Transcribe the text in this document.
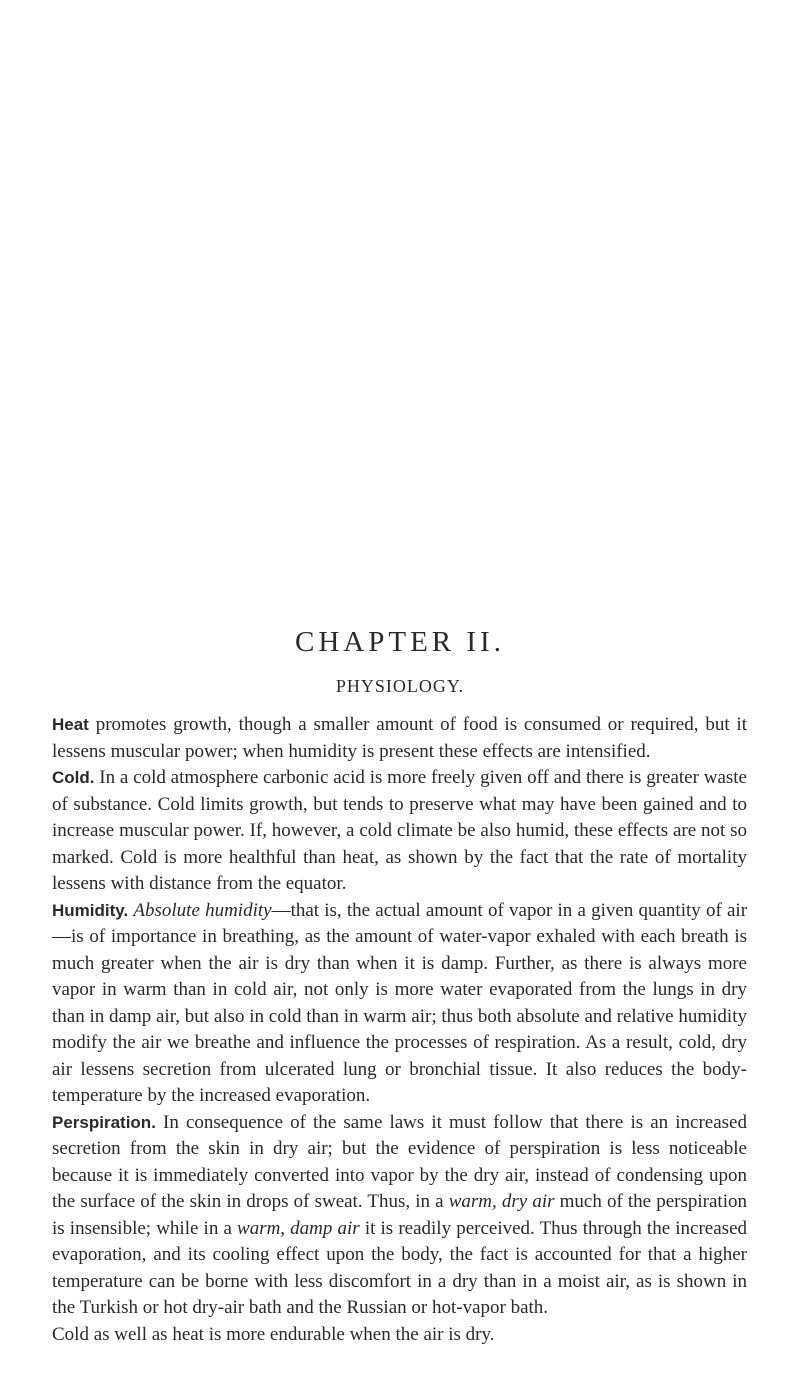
CHAPTER II.
PHYSIOLOGY.

Heat promotes growth, though a smaller amount of food is consumed or required, but it lessens muscular power; when humidity is present these effects are intensified.

Cold. In a cold atmosphere carbonic acid is more freely given off and there is greater waste of substance. Cold limits growth, but tends to preserve what may have been gained and to increase muscular power. If, however, a cold climate be also humid, these effects are not so marked. Cold is more healthful than heat, as shown by the fact that the rate of mortality lessens with distance from the equator.

Humidity. Absolute humidity—that is, the actual amount of vapor in a given quantity of air—is of importance in breathing, as the amount of water-vapor exhaled with each breath is much greater when the air is dry than when it is damp. Further, as there is always more vapor in warm than in cold air, not only is more water evaporated from the lungs in dry than in damp air, but also in cold than in warm air; thus both absolute and relative humidity modify the air we breathe and influence the processes of respiration. As a result, cold, dry air lessens secretion from ulcerated lung or bronchial tissue. It also reduces the body-temperature by the increased evaporation.

Perspiration. In consequence of the same laws it must follow that there is an increased secretion from the skin in dry air; but the evidence of perspiration is less noticeable because it is immediately converted into vapor by the dry air, instead of condensing upon the surface of the skin in drops of sweat. Thus, in a warm, dry air much of the perspiration is insensible; while in a warm, damp air it is readily perceived. Thus through the increased evaporation, and its cooling effect upon the body, the fact is accounted for that a higher temperature can be borne with less discomfort in a dry than in a moist air, as is shown in the Turkish or hot dry-air bath and the Russian or hot-vapor bath.

Cold as well as heat is more endurable when the air is dry.
